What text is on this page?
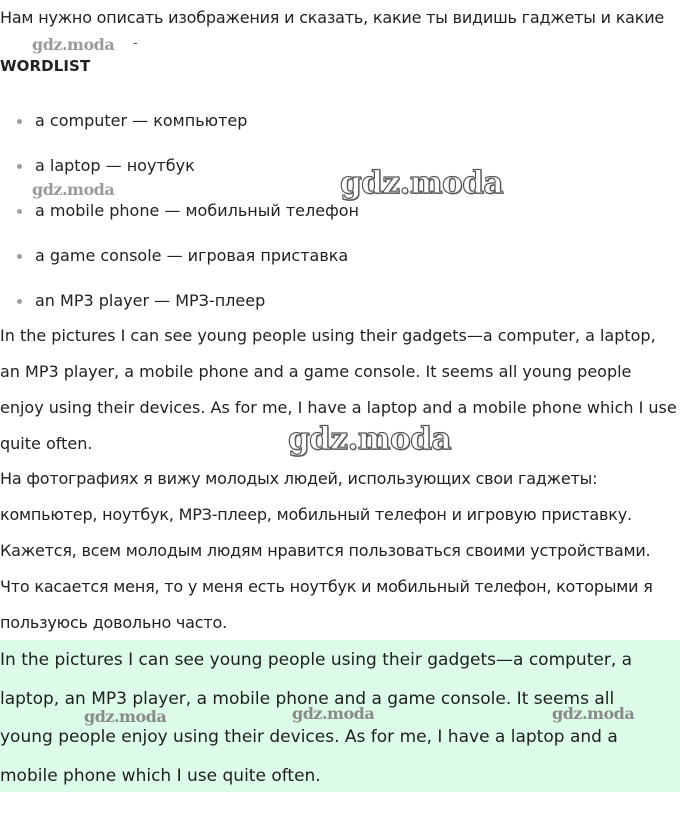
Нам нужно описать изображения и сказать, какие ты видишь гаджеты и какие
-
WORDLIST
a computer — компьютер
a laptop — ноутбук
a mobile phone — мобильный телефон
a game console — игровая приставка
an MP3 player — МРЗ-плеер

In the pictures I can see young people using their gadgets—a computer, a laptop, an MP3 player, a mobile phone and a game console. It seems all young people enjoy using their devices. As for me, I have a laptop and a mobile phone which I use quite often.

На фотографиях я вижу молодых людей, использующих свои гаджеты: компьютер, ноутбук, МРЗ-плеер, мобильный телефон и игровую приставку. Кажется, всем молодым людям нравится пользоваться своими устройствами. Что касается меня, то у меня есть ноутбук и мобильный телефон, которыми я пользуюсь довольно часто.

In the pictures I can see young people using their gadgets—a computer, a laptop, an MP3 player, a mobile phone and a game console. It seems all young people enjoy using their devices. As for me, I have a laptop and a mobile phone which I use quite often.

gdz.moda
gdz.moda	gdz.moda
gdz.moda
gdz.moda	gdz.moda	gdz.moda
